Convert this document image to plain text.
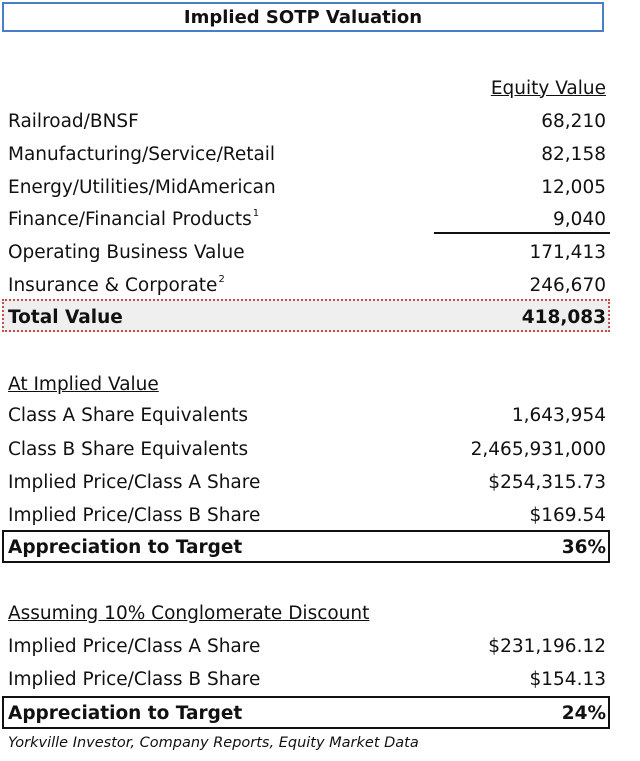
Implied SOTP Valuation
Equity Value
Railroad/BNSF	68,210
Manufacturing/Service/Retail	82,158
Energy/Utilities/MidAmerican	12,005
Finance/Financial Products$^1$	9,040
Operating Business Value	171,413
Insurance & Corporate$^2$	246,670
Total Value	418,083
At Implied Value
Class A Share Equivalents	1,643,954
Class B Share Equivalents	2,465,931,000
Implied Price/Class A Share	$254,315.73
Implied Price/Class B Share	$169.54
Appreciation to Target	36%
Assuming 10% Conglomerate Discount
Implied Price/Class A Share	$231,196.12
Implied Price/Class B Share	$154.13
Appreciation to Target	24%
Yorkville Investor, Company Reports, Equity Market Data
